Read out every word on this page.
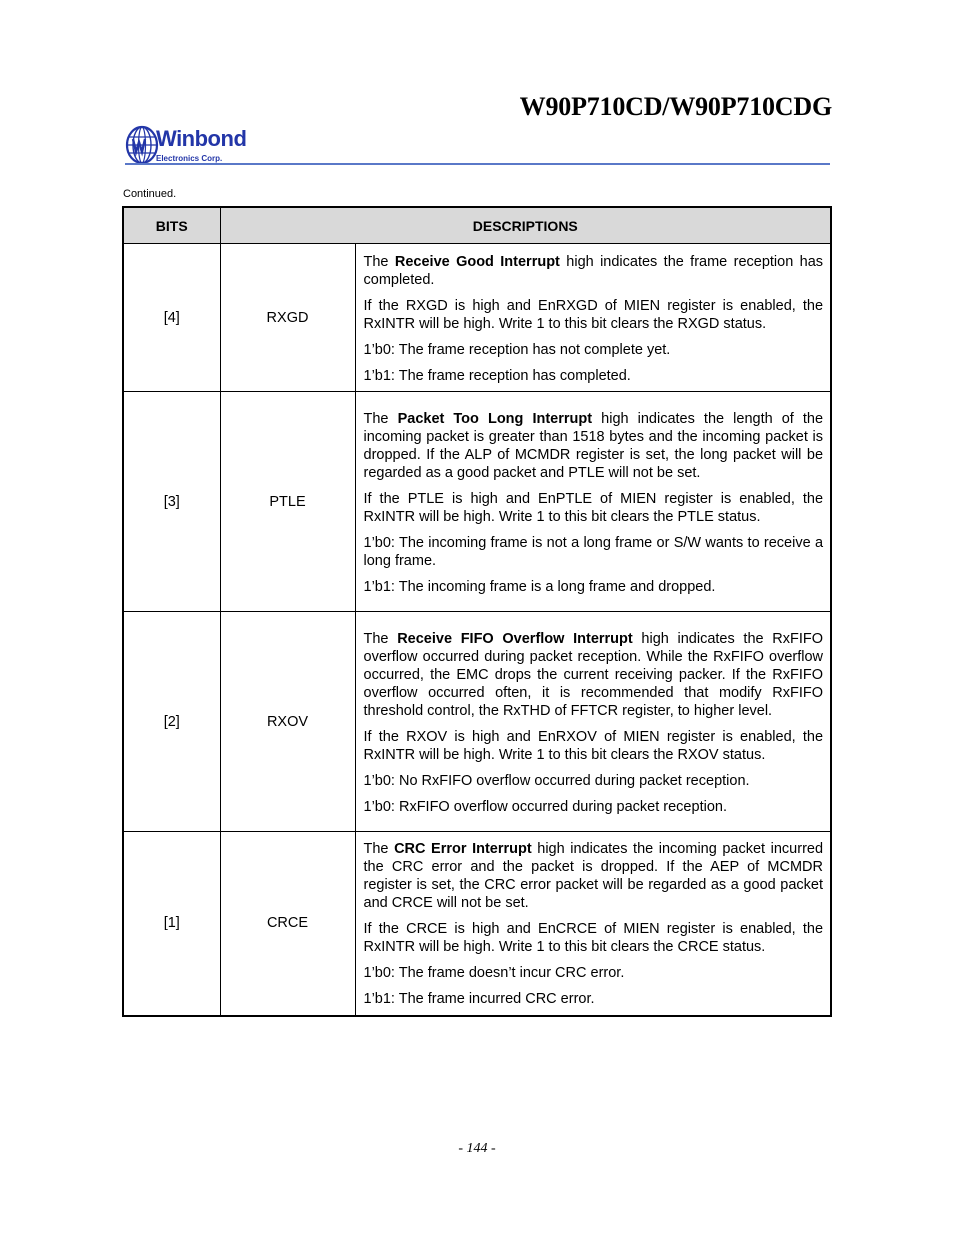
W90P710CD/W90P710CDG
Winbond
Electronics Corp.
Continued.
BITS	DESCRIPTIONS	
[4]	RXGD	The Receive Good Interrupt high indicates the frame reception has completed.

If the RXGD is high and EnRXGD of MIEN register is enabled, the RxINTR will be high. Write 1 to this bit clears the RXGD status.

1’b0: The frame reception has not complete yet.

1’b1: The frame reception has completed.

[3]	PTLE	The Packet Too Long Interrupt high indicates the length of the incoming packet is greater than 1518 bytes and the incoming packet is dropped. If the ALP of MCMDR register is set, the long packet will be regarded as a good packet and PTLE will not be set.

If the PTLE is high and EnPTLE of MIEN register is enabled, the RxINTR will be high. Write 1 to this bit clears the PTLE status.

1’b0: The incoming frame is not a long frame or S/W wants to receive a long frame.

1’b1: The incoming frame is a long frame and dropped.

[2]	RXOV	The Receive FIFO Overflow Interrupt high indicates the RxFIFO overflow occurred during packet reception. While the RxFIFO overflow occurred, the EMC drops the current receiving packer. If the RxFIFO overflow occurred often, it is recommended that modify RxFIFO threshold control, the RxTHD of FFTCR register, to higher level.

If the RXOV is high and EnRXOV of MIEN register is enabled, the RxINTR will be high. Write 1 to this bit clears the RXOV status.

1’b0: No RxFIFO overflow occurred during packet reception.

1’b0: RxFIFO overflow occurred during packet reception.

[1]	CRCE	The CRC Error Interrupt high indicates the incoming packet incurred the CRC error and the packet is dropped. If the AEP of MCMDR register is set, the CRC error packet will be regarded as a good packet and CRCE will not be set.

If the CRCE is high and EnCRCE of MIEN register is enabled, the RxINTR will be high. Write 1 to this bit clears the CRCE status.

1’b0: The frame doesn’t incur CRC error.

1’b1: The frame incurred CRC error.

- 144 -
